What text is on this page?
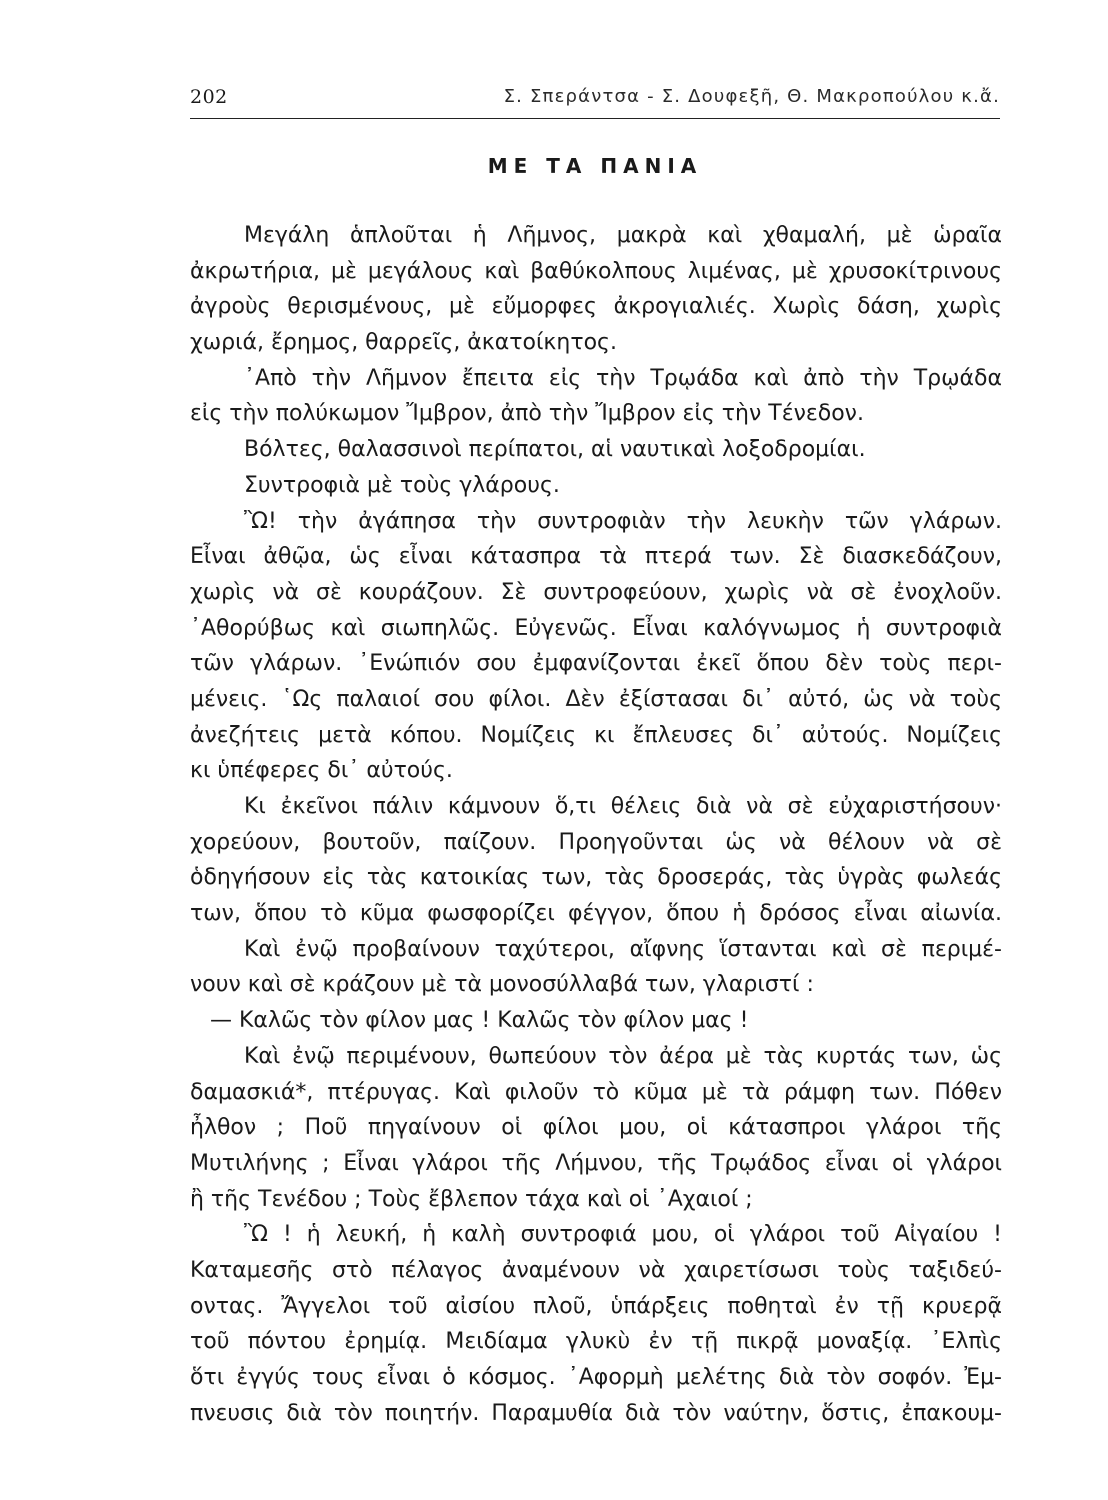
202	Σ. Σπεράντσα - Σ. Δουφεξῆ, Θ. Μακροπούλου κ.ἄ.
ΜΕ ΤΑ ΠΑΝΙΑ
Μεγάλη ἁπλοῦται ἡ Λῆμνος, μακρὰ καὶ χθαμαλή, μὲ ὡραῖα
ἀκρωτήρια, μὲ μεγάλους καὶ βαθύκολπους λιμένας, μὲ χρυσοκίτρινους
ἀγροὺς θερισμένους, μὲ εὔμορφες ἀκρογιαλιές. Χωρὶς δάση, χωρὶς
χωριά, ἔρημος, θαρρεῖς, ἀκατοίκητος.
᾿Απὸ τὴν Λῆμνον ἔπειτα εἰς τὴν Τρῳάδα καὶ ἀπὸ τὴν Τρῳάδα
εἰς τὴν πολύκωμον Ἴμβρον, ἀπὸ τὴν Ἴμβρον εἰς τὴν Τένεδον.
Βόλτες, θαλασσινοὶ περίπατοι, αἱ ναυτικαὶ λοξοδρομίαι.
Συντροφιὰ μὲ τοὺς γλάρους.
Ὢ! τὴν ἀγάπησα τὴν συντροφιὰν τὴν λευκὴν τῶν γλάρων.
Εἶναι ἀθῷα, ὡς εἶναι κάτασπρα τὰ πτερά των. Σὲ διασκεδάζουν,
χωρὶς νὰ σὲ κουράζουν. Σὲ συντροφεύουν, χωρὶς νὰ σὲ ἐνοχλοῦν.
᾿Αθορύβως καὶ σιωπηλῶς. Εὐγενῶς. Εἶναι καλόγνωμος ἡ συντροφιὰ
τῶν γλάρων. ᾿Ενώπιόν σου ἐμφανίζονται ἐκεῖ ὅπου δὲν τοὺς περι-
μένεις. ῾Ως παλαιοί σου φίλοι. Δὲν ἐξίστασαι δι᾿ αὐτό, ὡς νὰ τοὺς
ἀνεζήτεις μετὰ κόπου. Νομίζεις κι ἔπλευσες δι᾿ αὐτούς. Νομίζεις
κι ὑπέφερες δι᾿ αὐτούς.
Κι ἐκεῖνοι πάλιν κάμνουν ὅ,τι θέλεις διὰ νὰ σὲ εὐχαριστήσουν·
χορεύουν, βουτοῦν, παίζουν. Προηγοῦνται ὡς νὰ θέλουν νὰ σὲ
ὁδηγήσουν εἰς τὰς κατοικίας των, τὰς δροσεράς, τὰς ὑγρὰς φωλεάς
των, ὅπου τὸ κῦμα φωσφορίζει φέγγον, ὅπου ἡ δρόσος εἶναι αἰωνία.
Καὶ ἐνῷ προβαίνουν ταχύτεροι, αἴφνης ἵστανται καὶ σὲ περιμέ-
νουν καὶ σὲ κράζουν μὲ τὰ μονοσύλλαβά των, γλαριστί :
— Καλῶς τὸν φίλον μας ! Καλῶς τὸν φίλον μας !
Καὶ ἐνῷ περιμένουν, θωπεύουν τὸν ἀέρα μὲ τὰς κυρτάς των, ὡς
δαμασκιά*, πτέρυγας. Καὶ φιλοῦν τὸ κῦμα μὲ τὰ ράμφη των. Πόθεν
ἦλθον ; Ποῦ πηγαίνουν οἱ φίλοι μου, οἱ κάτασπροι γλάροι τῆς
Μυτιλήνης ; Εἶναι γλάροι τῆς Λήμνου, τῆς Τρῳάδος εἶναι οἱ γλάροι
ἢ τῆς Τενέδου ; Τοὺς ἔβλεπον τάχα καὶ οἱ ᾿Αχαιοί ;
Ὢ ! ἡ λευκή, ἡ καλὴ συντροφιά μου, οἱ γλάροι τοῦ Αἰγαίου !
Καταμεσῆς στὸ πέλαγος ἀναμένουν νὰ χαιρετίσωσι τοὺς ταξιδεύ-
οντας. Ἄγγελοι τοῦ αἰσίου πλοῦ, ὑπάρξεις ποθηταὶ ἐν τῇ κρυερᾷ
τοῦ πόντου ἐρημίᾳ. Μειδίαμα γλυκὺ ἐν τῇ πικρᾷ μοναξίᾳ. ᾿Ελπὶς
ὅτι ἐγγύς τους εἶναι ὁ κόσμος. ᾿Αφορμὴ μελέτης διὰ τὸν σοφόν. Ἐμ-
πνευσις διὰ τὸν ποιητήν. Παραμυθία διὰ τὸν ναύτην, ὅστις, ἐπακουμ-
